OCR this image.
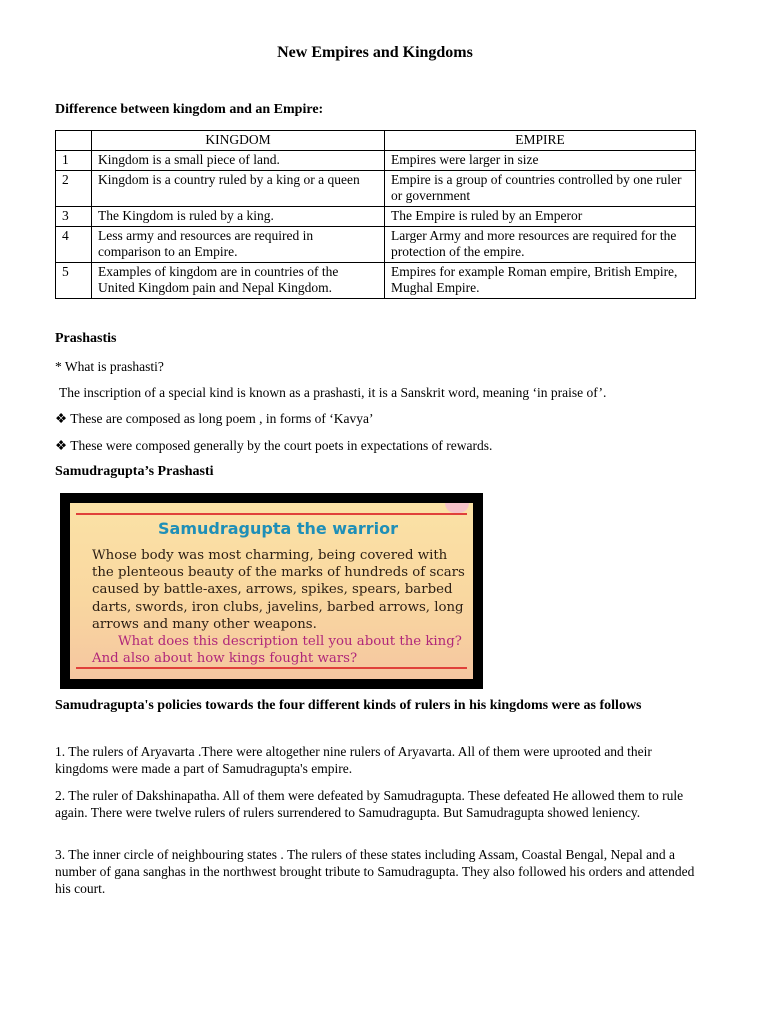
New Empires and Kingdoms
Difference between kingdom and an Empire:
	KINGDOM	EMPIRE
1	Kingdom is a small piece of land.	Empires were larger in size
2	Kingdom is a country ruled by a king or a queen	Empire is a group of countries controlled by one ruler or government
3	The Kingdom is ruled by a king.	The Empire is ruled by an Emperor
4	Less army and resources are required in comparison to an Empire.	Larger Army and more resources are required for the protection of the empire.
5	Examples of kingdom are in countries of the United Kingdom pain and Nepal Kingdom.	Empires for example Roman empire, British Empire, Mughal Empire.
Prashastis
* What is prashasti?
The inscription of a special kind is known as a prashasti, it is a Sanskrit word, meaning ‘in praise of’.
❖ These are composed as long poem , in forms of ‘Kavya’
❖ These were composed generally by the court poets in expectations of rewards.
Samudragupta’s Prashasti
Samudragupta the warrior
Whose body was most charming, being covered with the plenteous beauty of the marks of hundreds of scars caused by battle-axes, arrows, spikes, spears, barbed darts, swords, iron clubs, javelins, barbed arrows, long arrows and many other weapons.
What does this description tell you about the king? And also about how kings fought wars?
Samudragupta's policies towards the four different kinds of rulers in his kingdoms were as follows
1. The rulers of Aryavarta .There were altogether nine rulers of Aryavarta. All of them were uprooted and their kingdoms were made a part of Samudragupta's empire.
2. The ruler of Dakshinapatha. All of them were defeated by Samudragupta. These defeated He allowed them to rule again. There were twelve rulers of rulers surrendered to Samudragupta. But Samudragupta showed leniency.
3. The inner circle of neighbouring states . The rulers of these states including Assam, Coastal Bengal, Nepal and a number of gana sanghas in the northwest brought tribute to Samudragupta. They also followed his orders and attended his court.
